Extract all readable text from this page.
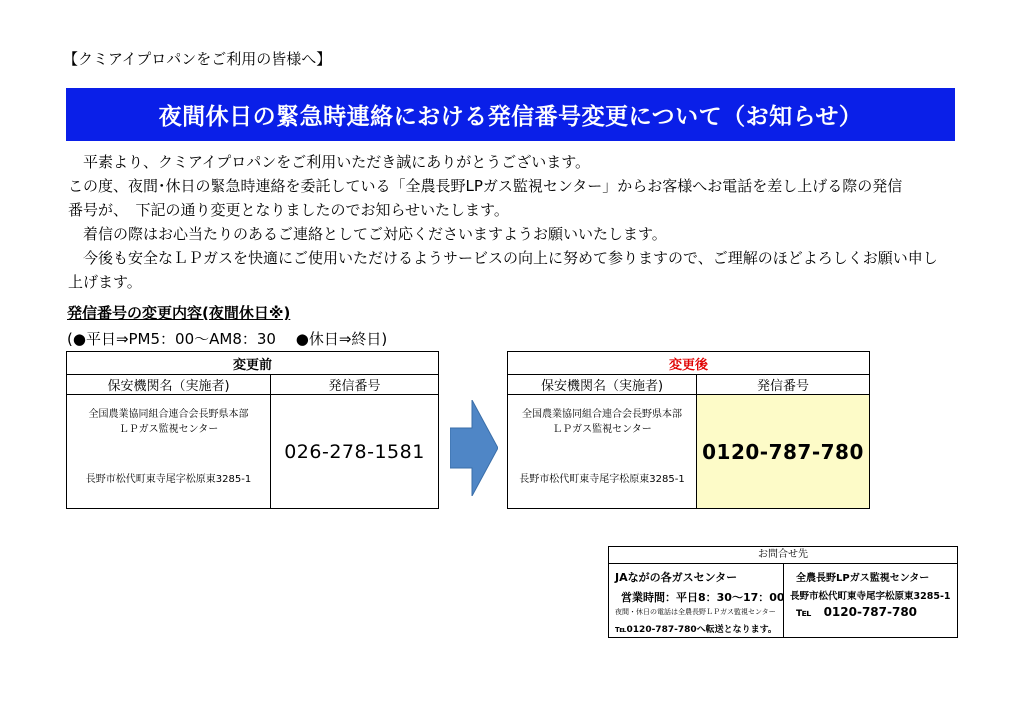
【クミアイプロパンをご利用の皆様へ】
夜間休日の緊急時連絡における発信番号変更について（お知らせ）

　平素より、クミアイプロパンをご利用いただき誠にありがとうございます。

この度、夜間･休日の緊急時連絡を委託している「全農長野LPガス監視センター」からお客様へお電話を差し上げる際の発信

番号が、　下記の通り変更となりましたのでお知らせいたします。

　着信の際はお心当たりのあるご連絡としてご対応くださいますようお願いいたします。

　今後も安全なＬＰガスを快適にご使用いただけるようサービスの向上に努めて参りますので、ご理解のほどよろしくお願い申し

上げます。

発信番号の変更内容(夜間休日※)
(●平日⇒PM5：00～AM8：30　 ●休日⇒終日)
変更前	
保安機関名（実施者)	発信番号

全国農業協同組合連合会長野県本部
ＬＰガス監視センター
長野市松代町東寺尾字松原東3285-1	026-278-1581
変更後	
保安機関名（実施者)	発信番号

全国農業協同組合連合会長野県本部
ＬＰガス監視センター
長野市松代町東寺尾字松原東3285-1	0120-787-780
お問合せ先
JAながの各ガスセンター
営業時間：平日8：30～17：00
夜間・休日の電話は全農長野ＬＰガス監視センター
℡0120-787-780へ転送となります。
全農長野LPガス監視センター
長野市松代町東寺尾字松原東3285-1
℡ 0120-787-780
